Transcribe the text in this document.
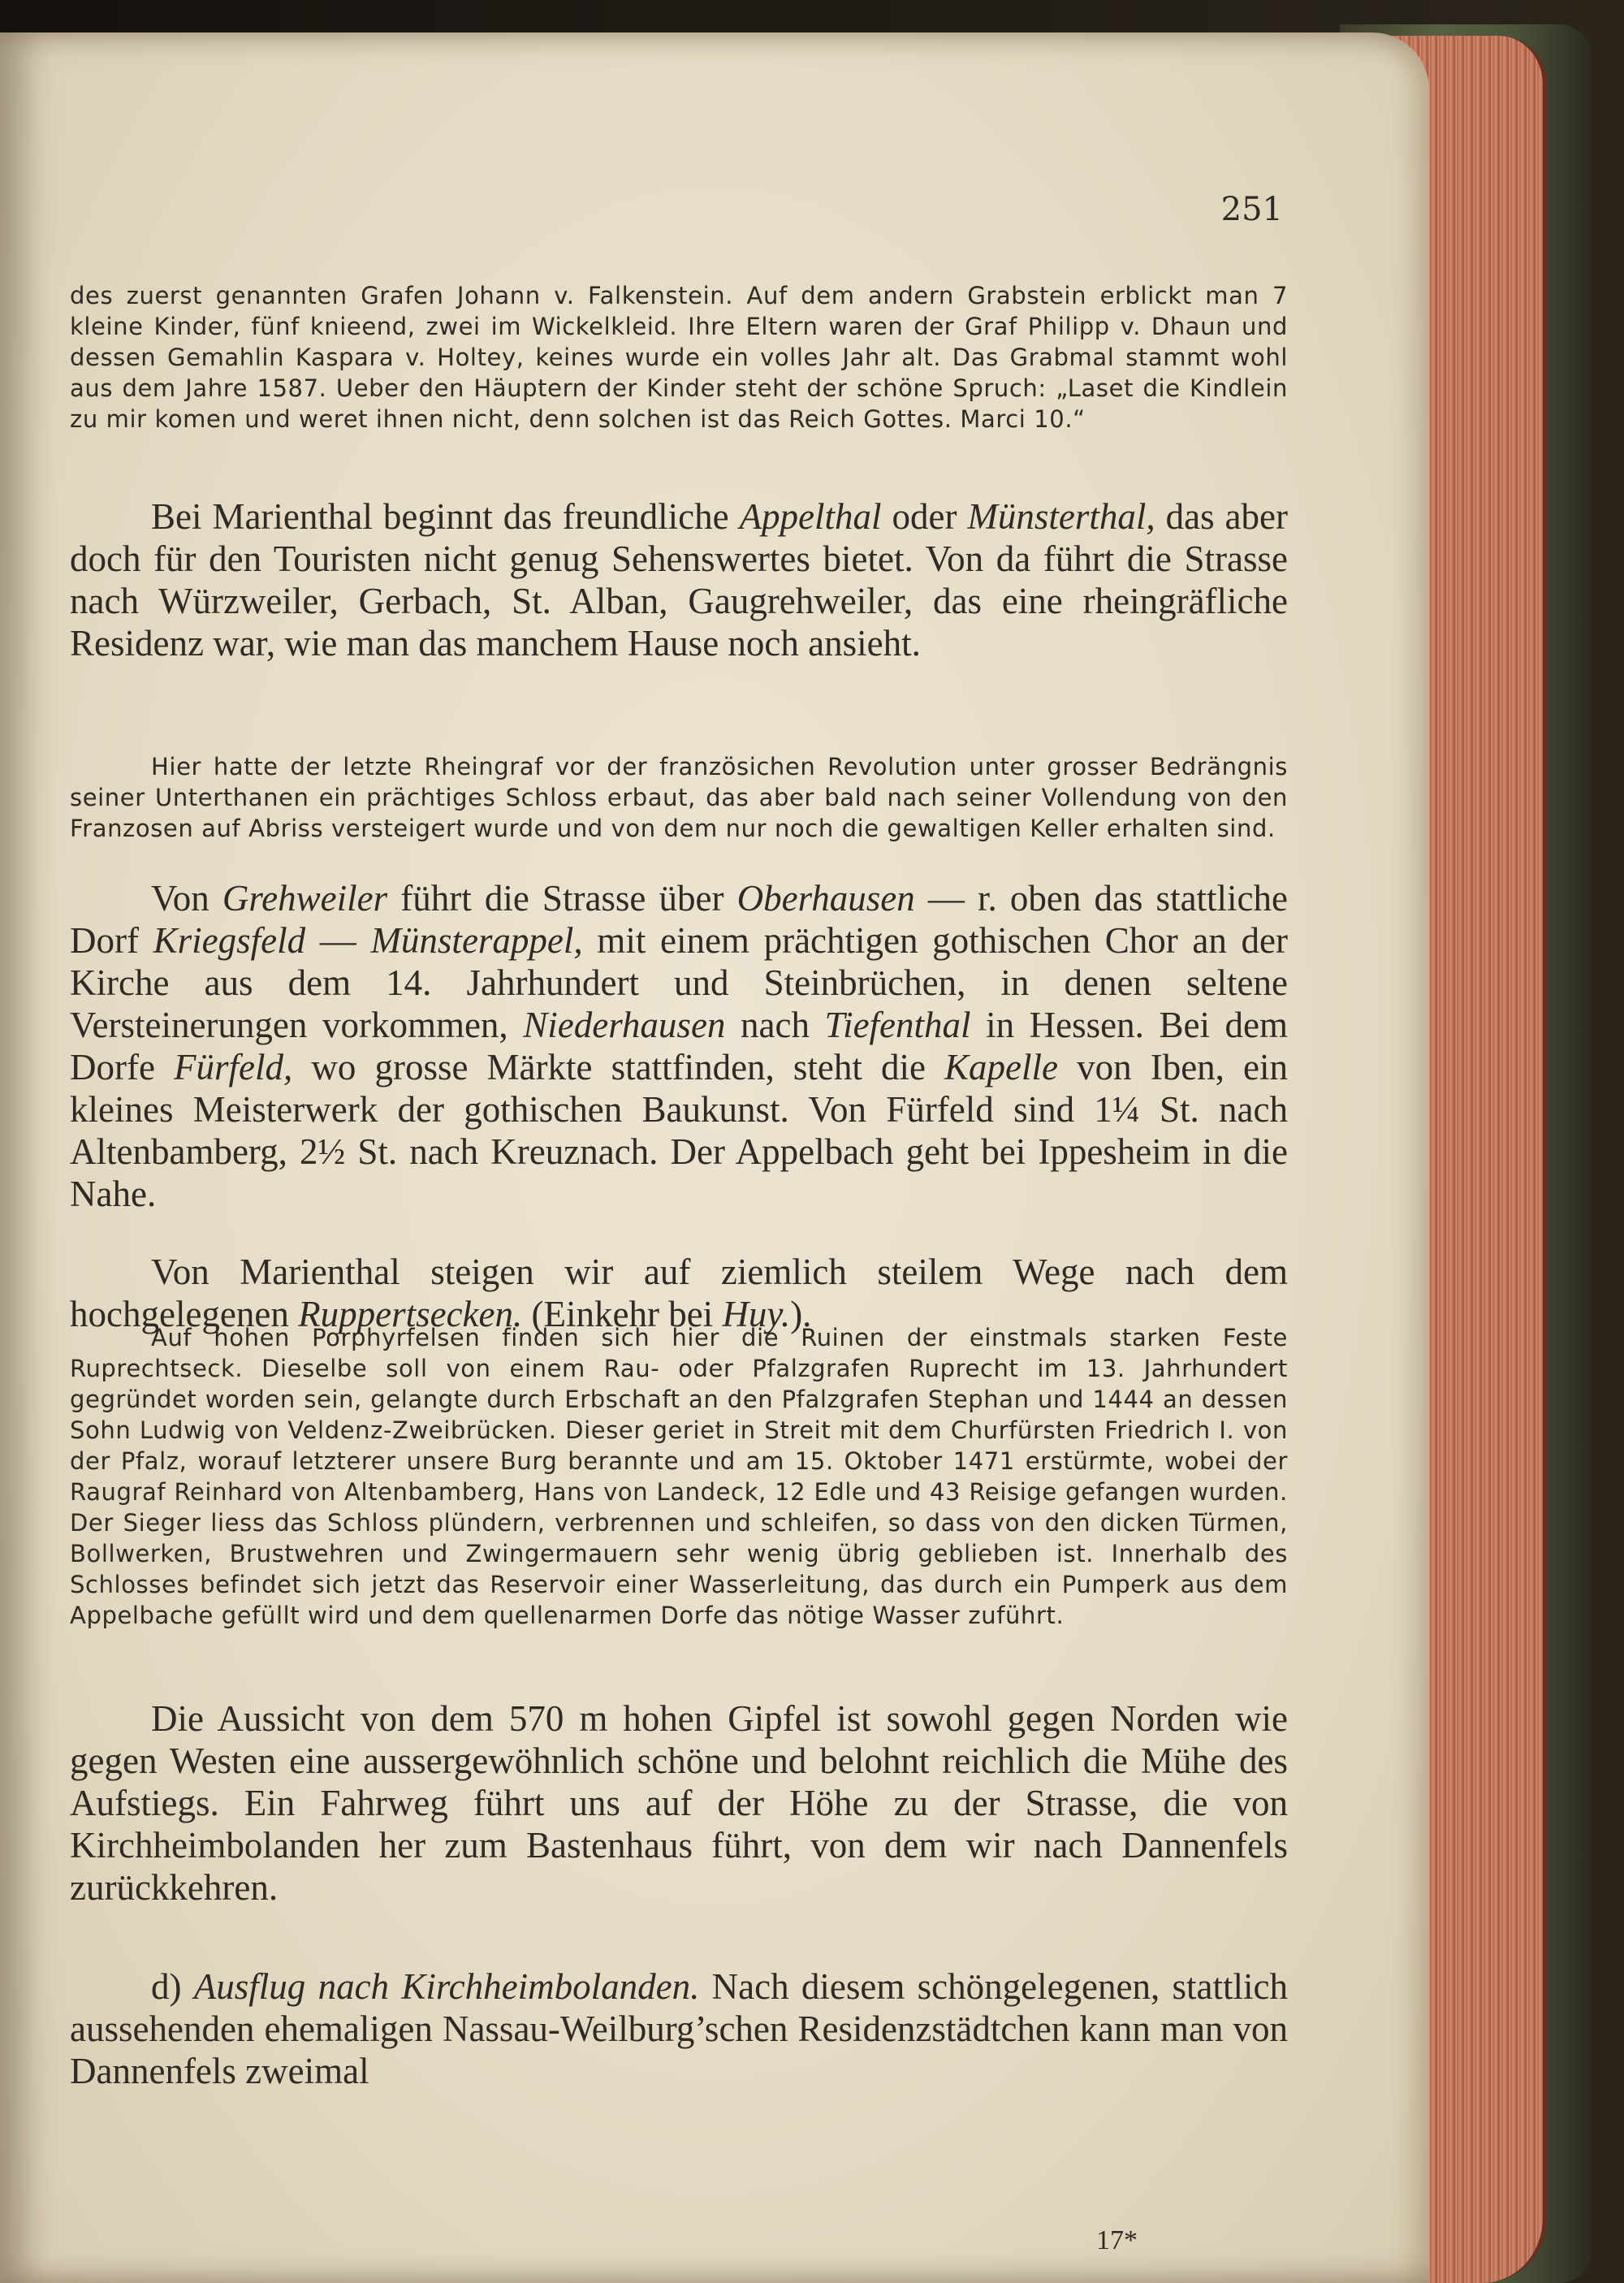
251

des zuerst genannten Grafen Johann v. Falkenstein. Auf dem andern Grabstein erblickt man 7 kleine Kinder, fünf knieend, zwei im Wickelkleid. Ihre Eltern waren der Graf Philipp v. Dhaun und dessen Gemahlin Kaspara v. Holtey, keines wurde ein volles Jahr alt. Das Grabmal stammt wohl aus dem Jahre 1587. Ueber den Häuptern der Kinder steht der schöne Spruch: „Laset die Kindlein zu mir komen und weret ihnen nicht, denn solchen ist das Reich Gottes. Marci 10.“

Bei Marienthal beginnt das freundliche Appelthal oder Münsterthal, das aber doch für den Touristen nicht genug Sehenswertes bietet. Von da führt die Strasse nach Würzweiler, Gerbach, St. Alban, Gaugrehweiler, das eine rheingräfliche Residenz war, wie man das manchem Hause noch ansieht.

Hier hatte der letzte Rheingraf vor der französichen Revolution unter grosser Bedrängnis seiner Unterthanen ein prächtiges Schloss erbaut, das aber bald nach seiner Vollendung von den Franzosen auf Abriss versteigert wurde und von dem nur noch die gewaltigen Keller erhalten sind.

Von Grehweiler führt die Strasse über Oberhausen — r. oben das stattliche Dorf Kriegsfeld — Münsterappel, mit einem prächtigen gothischen Chor an der Kirche aus dem 14. Jahrhundert und Steinbrüchen, in denen seltene Versteinerungen vorkommen, Niederhausen nach Tiefenthal in Hessen. Bei dem Dorfe Fürfeld, wo grosse Märkte stattfinden, steht die Kapelle von Iben, ein kleines Meisterwerk der gothischen Baukunst. Von Fürfeld sind 1¼ St. nach Altenbamberg, 2½ St. nach Kreuznach. Der Appelbach geht bei Ippesheim in die Nahe.

Von Marienthal steigen wir auf ziemlich steilem Wege nach dem hochgelegenen Ruppertsecken. (Einkehr bei Huy.).

Auf hohen Porphyrfelsen finden sich hier die Ruinen der einstmals starken Feste Ruprechtseck. Dieselbe soll von einem Rau- oder Pfalzgrafen Ruprecht im 13. Jahrhundert gegründet worden sein, gelangte durch Erbschaft an den Pfalzgrafen Stephan und 1444 an dessen Sohn Ludwig von Veldenz-Zweibrücken. Dieser geriet in Streit mit dem Churfürsten Friedrich I. von der Pfalz, worauf letzterer unsere Burg berannte und am 15. Oktober 1471 erstürmte, wobei der Raugraf Reinhard von Altenbamberg, Hans von Landeck, 12 Edle und 43 Reisige gefangen wurden. Der Sieger liess das Schloss plündern, verbrennen und schleifen, so dass von den dicken Türmen, Bollwerken, Brustwehren und Zwingermauern sehr wenig übrig geblieben ist. Innerhalb des Schlosses befindet sich jetzt das Reservoir einer Wasserleitung, das durch ein Pumperk aus dem Appelbache gefüllt wird und dem quellenarmen Dorfe das nötige Wasser zuführt.

Die Aussicht von dem 570 m hohen Gipfel ist sowohl gegen Norden wie gegen Westen eine aussergewöhnlich schöne und belohnt reichlich die Mühe des Aufstiegs. Ein Fahrweg führt uns auf der Höhe zu der Strasse, die von Kirchheimbolanden her zum Bastenhaus führt, von dem wir nach Dannenfels zurückkehren.

d) Ausflug nach Kirchheimbolanden. Nach diesem schöngelegenen, stattlich aussehenden ehemaligen Nassau-Weilburg’schen Residenzstädtchen kann man von Dannenfels zweimal

17*
